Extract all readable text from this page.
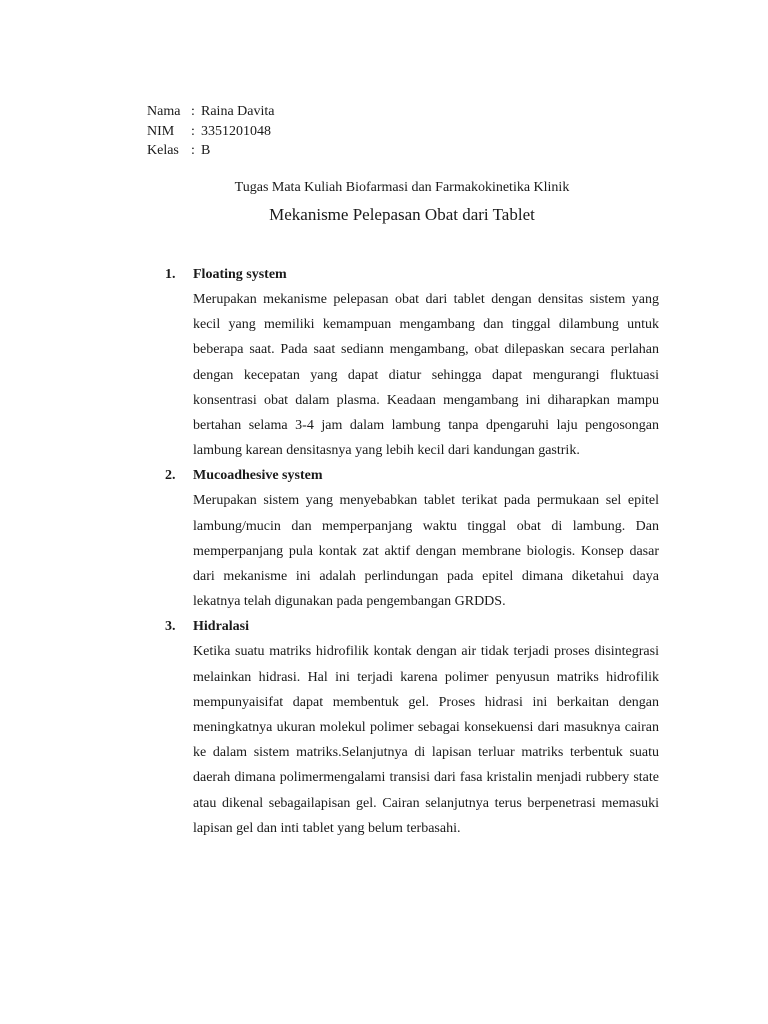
Nama : Raina Davita
NIM	: 3351201048
Kelas : B
Tugas Mata Kuliah Biofarmasi dan Farmakokinetika Klinik
Mekanisme Pelepasan Obat dari Tablet
1. Floating system
Merupakan mekanisme pelepasan obat dari tablet dengan densitas sistem yang kecil yang memiliki kemampuan mengambang dan tinggal dilambung untuk beberapa saat. Pada saat sediann mengambang, obat dilepaskan secara perlahan dengan kecepatan yang dapat diatur sehingga dapat mengurangi fluktuasi konsentrasi obat dalam plasma. Keadaan mengambang ini diharapkan mampu bertahan selama 3-4 jam dalam lambung tanpa dpengaruhi laju pengosongan lambung karean densitasnya yang lebih kecil dari kandungan gastrik.
2. Mucoadhesive system
Merupakan sistem yang menyebabkan tablet terikat pada permukaan sel epitel lambung/mucin dan memperpanjang waktu tinggal obat di lambung. Dan memperpanjang pula kontak zat aktif dengan membrane biologis. Konsep dasar dari mekanisme ini adalah perlindungan pada epitel dimana diketahui daya lekatnya telah digunakan pada pengembangan GRDDS.
3. Hidralasi
Ketika suatu matriks hidrofilik kontak dengan air tidak terjadi proses disintegrasi melainkan hidrasi. Hal ini terjadi karena polimer penyusun matriks hidrofilik mempunyaisifat dapat membentuk gel. Proses hidrasi ini berkaitan dengan meningkatnya ukuran molekul polimer sebagai konsekuensi dari masuknya cairan ke dalam sistem matriks.Selanjutnya di lapisan terluar matriks terbentuk suatu daerah dimana polimermengalami transisi dari fasa kristalin menjadi rubbery state atau dikenal sebagailapisan gel. Cairan selanjutnya terus berpenetrasi memasuki lapisan gel dan inti tablet yang belum terbasahi.
